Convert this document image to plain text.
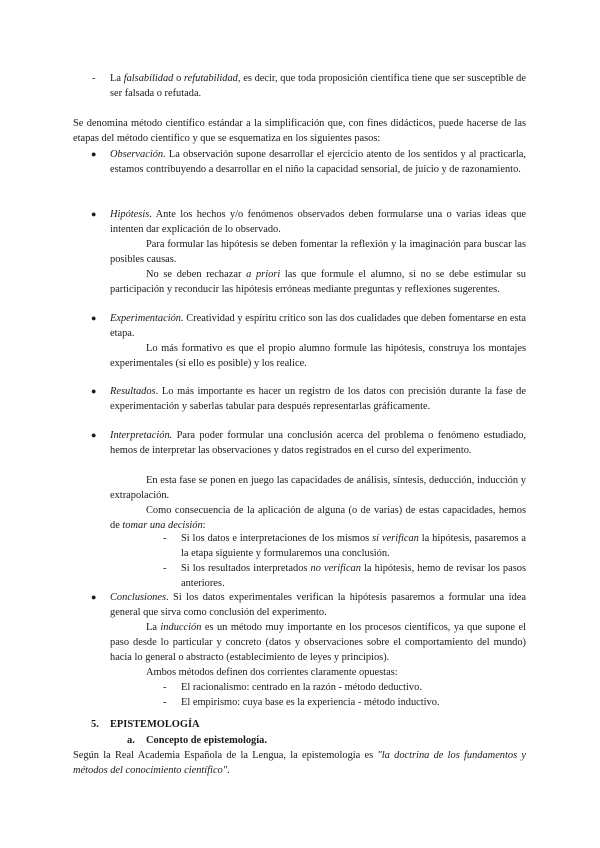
- La falsabilidad o refutabilidad, es decir, que toda proposición científica tiene que ser susceptible de ser falsada o refutada.

Se denomina método científico estándar a la simplificación que, con fines didácticos, puede hacerse de las etapas del método científico y que se esquematiza en los siguientes pasos:

● Observación. La observación supone desarrollar el ejercicio atento de los sentidos y al practicarla, estamos contribuyendo a desarrollar en el niño la capacidad sensorial, de juicio y de razonamiento.

● Hipótesis. Ante los hechos y/o fenómenos observados deben formularse una o varias ideas que intenten dar explicación de lo observado.

Para formular las hipótesis se deben fomentar la reflexión y la imaginación para buscar las posibles causas.

No se deben rechazar a priori las que formule el alumno, si no se debe estimular su participación y reconducir las hipótesis erróneas mediante preguntas y reflexiones sugerentes.

● Experimentación. Creatividad y espíritu crítico son las dos cualidades que deben fomentarse en esta etapa.

Lo más formativo es que el propio alumno formule las hipótesis, construya los montajes experimentales (si ello es posible) y los realice.

● Resultados. Lo más importante es hacer un registro de los datos con precisión durante la fase de experimentación y saberlas tabular para después representarlas gráficamente.

● Interpretación. Para poder formular una conclusión acerca del problema o fenómeno estudiado, hemos de interpretar las observaciones y datos registrados en el curso del experimento.

En esta fase se ponen en juego las capacidades de análisis, síntesis, deducción, inducción y extrapolación.

Como consecuencia de la aplicación de alguna (o de varias) de estas capacidades, hemos de tomar una decisión:

- Si los datos e interpretaciones de los mismos sí verifican la hipótesis, pasaremos a la etapa siguiente y formularemos una conclusión.

- Si los resultados interpretados no verifican la hipótesis, hemo de revisar los pasos anteriores.

● Conclusiones. Si los datos experimentales verifican la hipótesis pasaremos a formular una idea general que sirva como conclusión del experimento.

La inducción es un método muy importante en los procesos científicos, ya que supone el paso desde lo particular y concreto (datos y observaciones sobre el comportamiento del mundo) hacia lo general o abstracto (establecimiento de leyes y principios).

Ambos métodos definen dos corrientes claramente opuestas:

- El racionalismo: centrado en la razón - método deductivo.

- El empirismo: cuya base es la experiencia - método inductivo.

5. EPISTEMOLOGÍA
a. Concepto de epistemología.

Según la Real Academia Española de la Lengua, la epistemología es "la doctrina de los fundamentos y métodos del conocimiento científico".
